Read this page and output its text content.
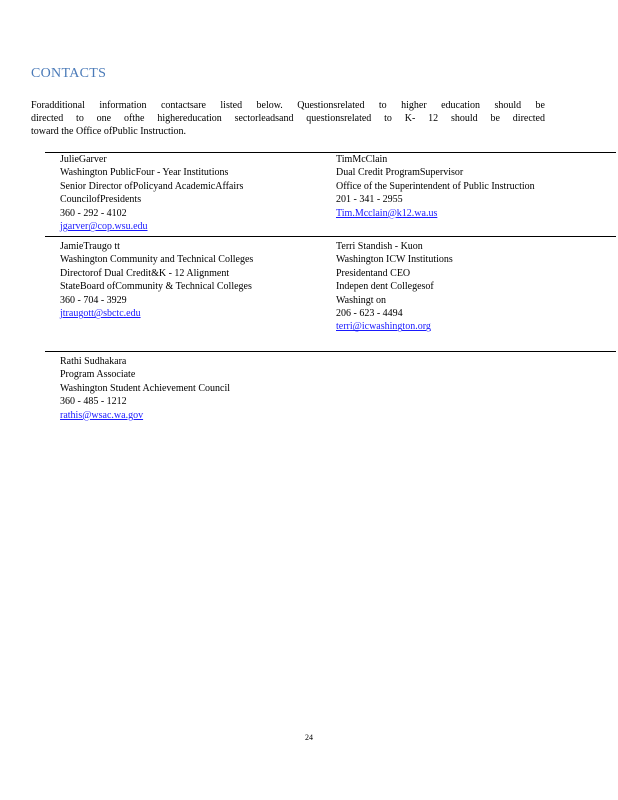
CONTACTS
Foradditional information contactsare listed below. Questionsrelated to higher education should be
directed to one ofthe highereducation sectorleadsand questionsrelated to K- 12 should be directed
toward the Office ofPublic Instruction.
JulieGarver
Washington PublicFour - Year Institutions
Senior Director ofPolicyand AcademicAffairs
CouncilofPresidents
360 - 292 - 4102
jgarver@cop.wsu.edu
TimMcClain
Dual Credit ProgramSupervisor
Office of the Superintendent of Public Instruction
201 - 341 - 2955
Tim.Mcclain@k12.wa.us
JamieTraugo tt
Washington Community and Technical Colleges
Directorof Dual Credit&K - 12 Alignment
StateBoard ofCommunity & Technical Colleges
360 - 704 - 3929
jtraugott@sbctc.edu
Terri Standish - Kuon
Washington ICW Institutions
Presidentand CEO
Indepen dent Collegesof
Washingt on
206 - 623 - 4494
terri@icwashington.org
Rathi Sudhakara
Program Associate
Washington Student Achievement Council
360 - 485 - 1212
rathis@wsac.wa.gov
24
